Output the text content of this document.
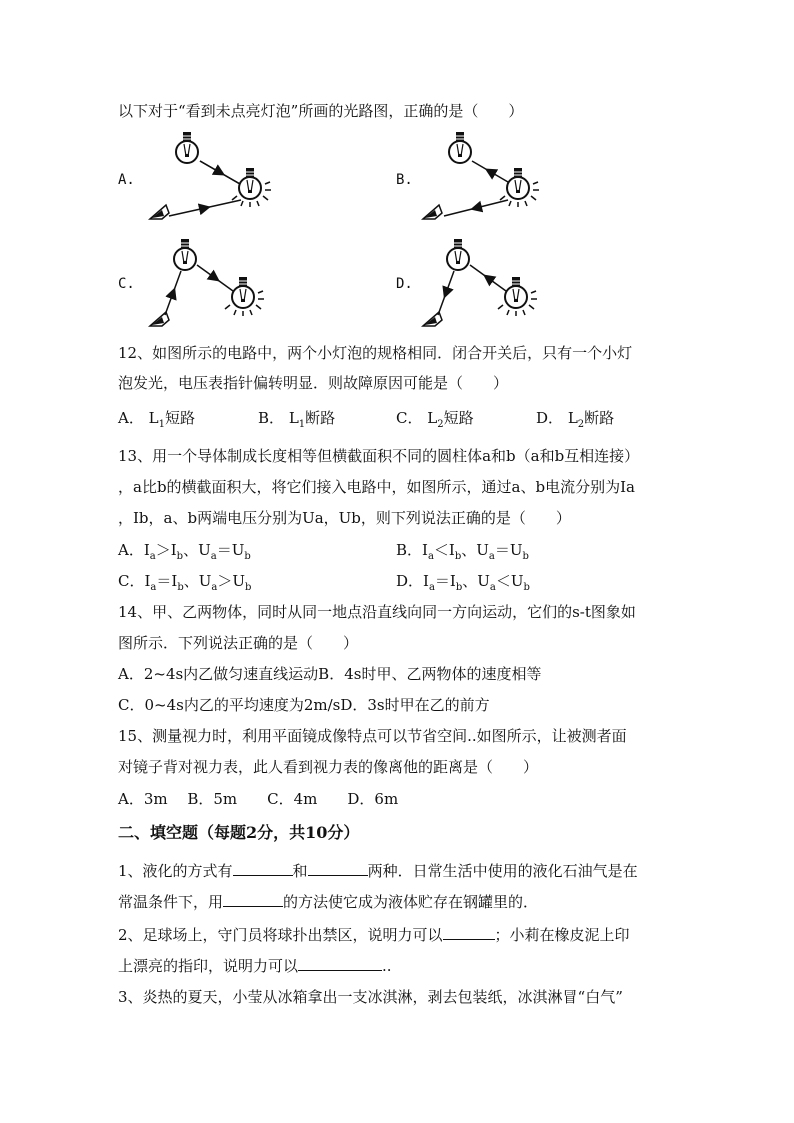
以下对于“看到未点亮灯泡”所画的光路图，正确的是（　　）
A.	B.
C.	D.
12、如图所示的电路中，两个小灯泡的规格相同．闭合开关后，只有一个小灯
泡发光，电压表指针偏转明显．则故障原因可能是（　　）
A． $L_1$短路	B． $L_1$断路	C． $L_2$短路	D． $L_2$断路
13、用一个导体制成长度相等但横截面积不同的圆柱体a和b（a和b互相连接）
，a比b的横截面积大，将它们接入电路中，如图所示，通过a、b电流分别为Ia
，Ib，a、b两端电压分别为Ua，Ub，则下列说法正确的是（　　）
A．$I_a>I_b$、$U_a=U_b$	B．$I_a<I_b$、$U_a=U_b$
C．$I_a=I_b$、$U_a>U_b$	D．$I_a=I_b$、$U_a<U_b$
14、甲、乙两物体，同时从同一地点沿直线向同一方向运动，它们的s-t图象如
图所示．下列说法正确的是（　　）
A．2~4s内乙做匀速直线运动B．4s时甲、乙两物体的速度相等
C．0~4s内乙的平均速度为2m/sD．3s时甲在乙的前方
15、测量视力时，利用平面镜成像特点可以节省空间..如图所示，让被测者面
对镜子背对视力表，此人看到视力表的像离他的距离是（　　）
A．3m　 B．5m　　C．4m　　D．6m
二、填空题（每题2分，共10分）
1、液化的方式有	和	两种．日常生活中使用的液化石油气是在
常温条件下，用	的方法使它成为液体贮存在钢罐里的．
2、足球场上，守门员将球扑出禁区，说明力可以	；小莉在橡皮泥上印
上漂亮的指印，说明力可以	..
3、炎热的夏天，小莹从冰箱拿出一支冰淇淋，剥去包装纸，冰淇淋冒“白气”
